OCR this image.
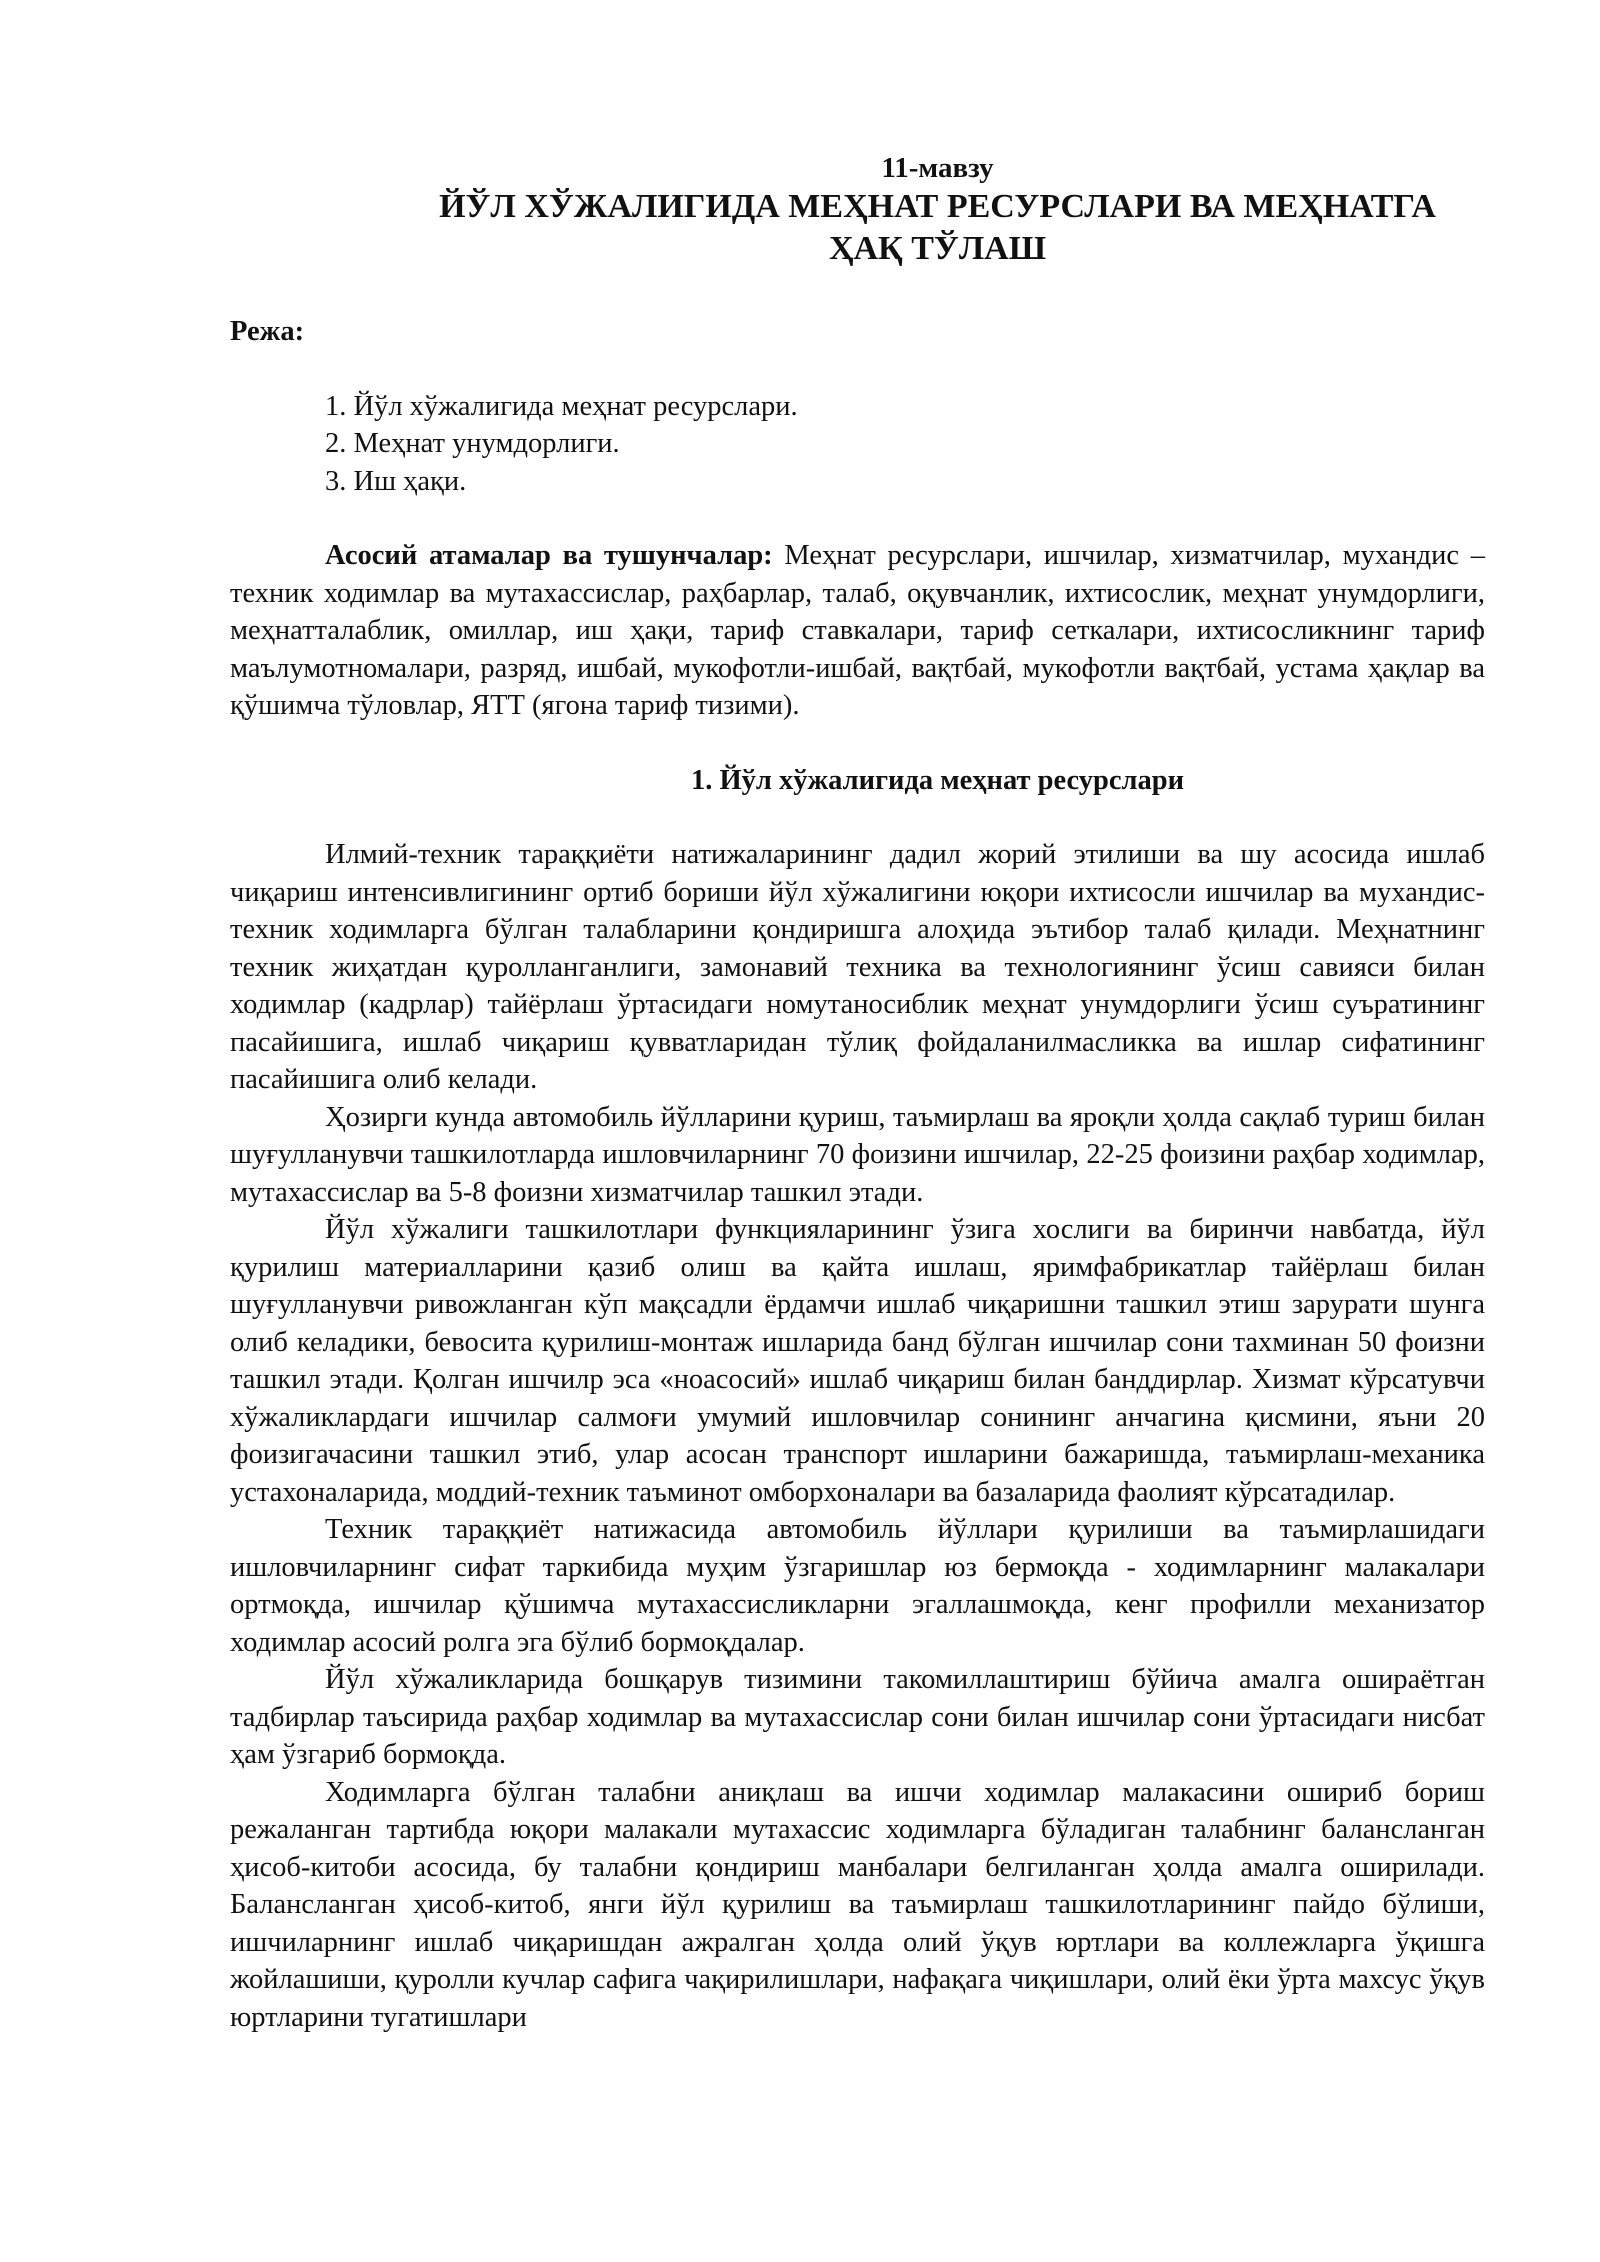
11-мавзу
ЙЎЛ ХЎЖАЛИГИДА МЕҲНАТ РЕСУРСЛАРИ ВА МЕҲНАТГА
ҲАҚ ТЎЛАШ
Режа:
1. Йўл хўжалигида меҳнат ресурслари.
2. Меҳнат унумдорлиги.
3. Иш ҳақи.

Асосий атамалар ва тушунчалар: Меҳнат ресурслари, ишчилар, хизматчилар, мухандис – техник ходимлар ва мутахассислар, раҳбарлар, талаб, оқувчанлик, ихтисослик, меҳнат унумдорлиги, меҳнатталаблик, омиллар, иш ҳақи, тариф ставкалари, тариф сеткалари, ихтисосликнинг тариф маълумотномалари, разряд, ишбай, мукофотли-ишбай, вақтбай, мукофотли вақтбай, устама ҳақлар ва қўшимча тўловлар, ЯТТ (ягона тариф тизими).

1. Йўл хўжалигида меҳнат ресурслари

Илмий-техник тараққиёти натижаларининг дадил жорий этилиши ва шу асосида ишлаб чиқариш интенсивлигининг ортиб бориши йўл хўжалигини юқори ихтисосли ишчилар ва мухандис-техник ходимларга бўлган талабларини қондиришга алоҳида эътибор талаб қилади. Меҳнатнинг техник жиҳатдан қуролланганлиги, замонавий техника ва технологиянинг ўсиш савияси билан ходимлар (кадрлар) тайёрлаш ўртасидаги номутаносиблик меҳнат унумдорлиги ўсиш суъратининг пасайишига, ишлаб чиқариш қувватларидан тўлиқ фойдаланилмасликка ва ишлар сифатининг пасайишига олиб келади.

Ҳозирги кунда автомобиль йўлларини қуриш, таъмирлаш ва яроқли ҳолда сақлаб туриш билан шуғулланувчи ташкилотларда ишловчиларнинг 70 фоизини ишчилар, 22-25 фоизини раҳбар ходимлар, мутахассислар ва 5-8 фоизни хизматчилар ташкил этади.

Йўл хўжалиги ташкилотлари функцияларининг ўзига хослиги ва биринчи навбатда, йўл қурилиш материалларини қазиб олиш ва қайта ишлаш, яримфабрикатлар тайёрлаш билан шуғулланувчи ривожланган кўп мақсадли ёрдамчи ишлаб чиқаришни ташкил этиш зарурати шунга олиб келадики, бевосита қурилиш-монтаж ишларида банд бўлган ишчилар сони тахминан 50 фоизни ташкил этади. Қолган ишчилр эса «ноасосий» ишлаб чиқариш билан банддирлар. Хизмат кўрсатувчи хўжаликлардаги ишчилар салмоғи умумий ишловчилар сонининг анчагина қисмини, яъни 20 фоизигачасини ташкил этиб, улар асосан транспорт ишларини бажаришда, таъмирлаш-механика устахоналарида, моддий-техник таъминот омборхоналари ва базаларида фаолият кўрсатадилар.

Техник тараққиёт натижасида автомобиль йўллари қурилиши ва таъмирлашидаги ишловчиларнинг сифат таркибида муҳим ўзгаришлар юз бермоқда - ходимларнинг малакалари ортмоқда, ишчилар қўшимча мутахассисликларни эгаллашмоқда, кенг профилли механизатор ходимлар асосий ролга эга бўлиб бормоқдалар.

Йўл хўжаликларида бошқарув тизимини такомиллаштириш бўйича амалга ошираётган тадбирлар таъсирида раҳбар ходимлар ва мутахассислар сони билан ишчилар сони ўртасидаги нисбат ҳам ўзгариб бормоқда.

Ходимларга бўлган талабни аниқлаш ва ишчи ходимлар малакасини ошириб бориш режаланган тартибда юқори малакали мутахассис ходимларга бўладиган талабнинг балансланган ҳисоб-китоби асосида, бу талабни қондириш манбалари белгиланган ҳолда амалга оширилади. Балансланган ҳисоб-китоб, янги йўл қурилиш ва таъмирлаш ташкилотларининг пайдо бўлиши, ишчиларнинг ишлаб чиқаришдан ажралган ҳолда олий ўқув юртлари ва коллежларга ўқишга жойлашиши, қуролли кучлар сафига чақирилишлари, нафақага чиқишлари, олий ёки ўрта махсус ўқув юртларини тугатишлари
